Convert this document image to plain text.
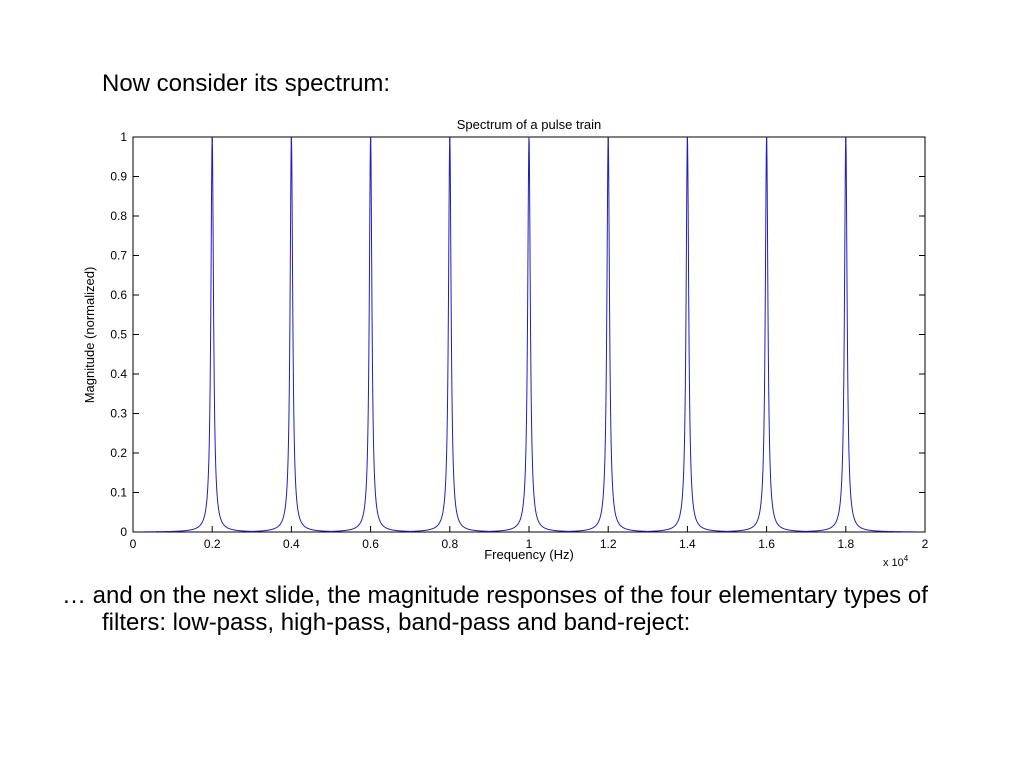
Now consider its spectrum:
Spectrum of a pulse train
0
0.1
0.2
0.3
0.4
0.5
0.6
0.7
0.8
0.9
1
0	0.2	0.4	0.6	0.8	1	1.2	1.4	1.6	1.8	2
Frequency (Hz)
Magnitude (normalized)
x $10^4$

… and on the next slide, the magnitude responses of the four elementary types of filters: low-pass, high-pass, band-pass and band-reject:
